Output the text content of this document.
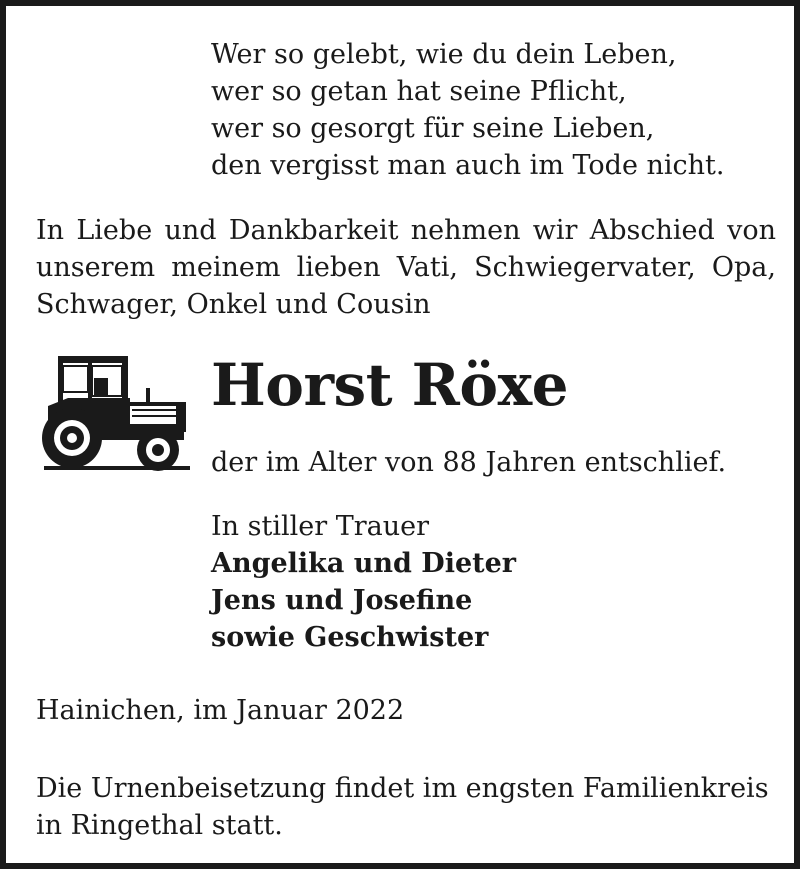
Wer so gelebt, wie du dein Leben,
wer so getan hat seine Pflicht,
wer so gesorgt für seine Lieben,
den vergisst man auch im Tode nicht.
In Liebe und Dankbarkeit nehmen wir Abschied von
unserem meinem lieben Vati, Schwiegervater, Opa,
Schwager, Onkel und Cousin
Horst Röxe
der im Alter von 88 Jahren entschlief.
In stiller Trauer
Angelika und Dieter
Jens und Josefine
sowie Geschwister
Hainichen, im Januar 2022
Die Urnenbeisetzung findet im engsten Familienkreis
in Ringethal statt.
